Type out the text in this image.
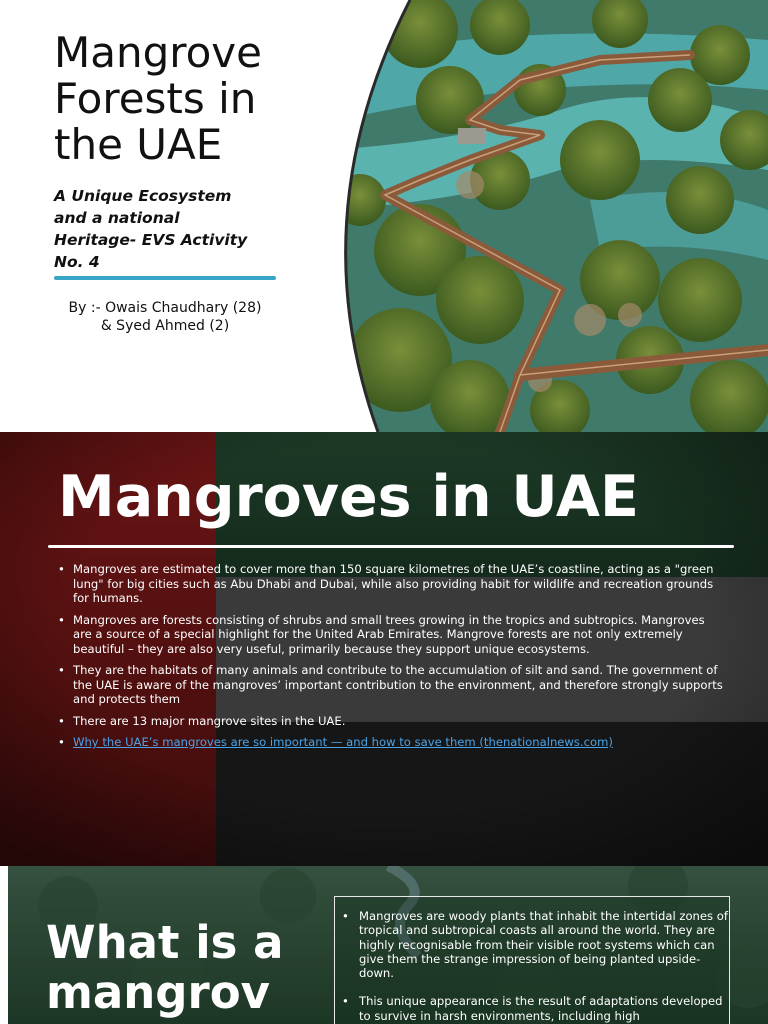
Mangrove
Forests in
the UAE
A Unique Ecosystem
and a national
Heritage- EVS Activity
No. 4
By :- Owais Chaudhary (28)
& Syed Ahmed (2)
Mangroves in UAE
• Mangroves are estimated to cover more than 150 square kilometres of the UAE’s coastline, acting as a "green lung" for big cities such as Abu Dhabi and Dubai, while also providing habit for wildlife and recreation grounds for humans.
• Mangroves are forests consisting of shrubs and small trees growing in the tropics and subtropics. Mangroves are a source of a special highlight for the United Arab Emirates. Mangrove forests are not only extremely beautiful – they are also very useful, primarily because they support unique ecosystems.
• They are the habitats of many animals and contribute to the accumulation of silt and sand. The government of the UAE is aware of the mangroves’ important contribution to the environment, and therefore strongly supports and protects them
• There are 13 major mangrove sites in the UAE.
• Why the UAE’s mangroves are so important — and how to save them (thenationalnews.com)
What is a
mangrov
• Mangroves are woody plants that inhabit the intertidal zones of tropical and subtropical coasts all around the world. They are highly recognisable from their visible root systems which can give them the strange impression of being planted upside-down.
• This unique appearance is the result of adaptations developed to survive in harsh environments, including high
